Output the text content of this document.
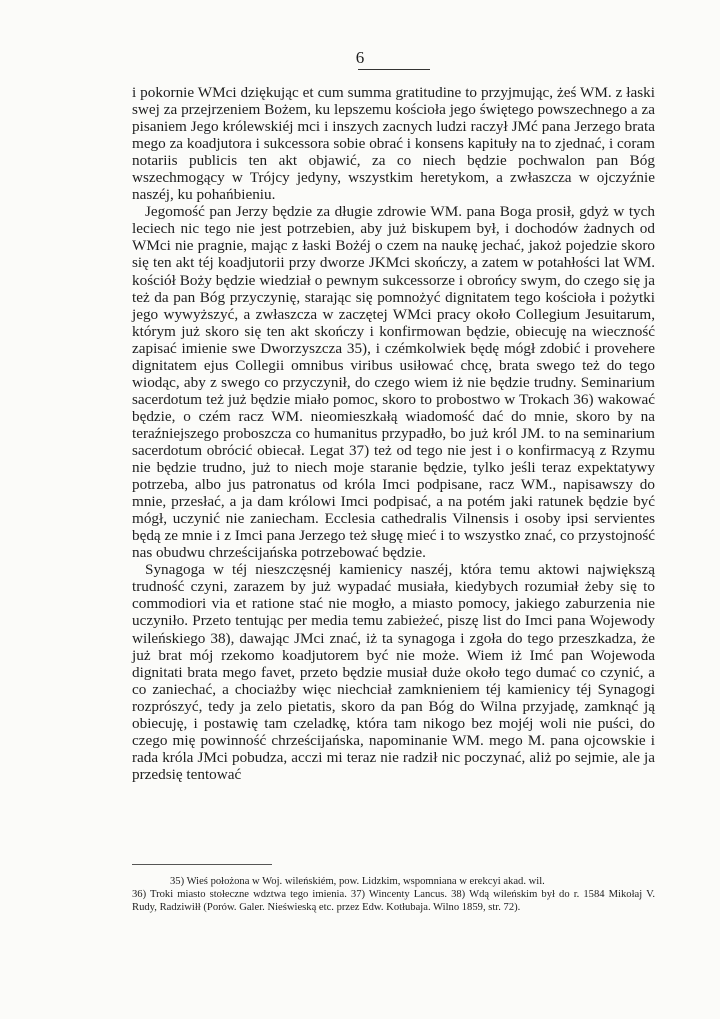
6

i pokornie WMci dziękując et cum summa gratitudine to przyjmując, żeś WM. z łaski swej za przejrzeniem Bożem, ku lepszemu kościoła jego świętego powszechnego a za pisaniem Jego królewskiéj mci i inszych zacnych ludzi raczył JMć pana Jerzego brata mego za koadjutora i sukcessora sobie obrać i konsens kapituły na to zjednać, i coram notariis publicis ten akt objawić, za co niech będzie pochwalon pan Bóg wszechmogący w Trójcy jedyny, wszystkim heretykom, a zwłaszcza w ojczyźnie naszéj, ku pohańbieniu.

Jegomość pan Jerzy będzie za długie zdrowie WM. pana Boga prosił, gdyż w tych leciech nic tego nie jest potrzebien, aby już biskupem był, i dochodów żadnych od WMci nie pragnie, mając z łaski Bożéj o czem na naukę jechać, jakoż pojedzie skoro się ten akt téj koadjutorii przy dworze JKMci skończy, a zatem w potahłości lat WM. kościół Boży będzie wiedział o pewnym sukcessorze i obrońcy swym, do czego się ja też da pan Bóg przyczynię, starając się pomnożyć dignitatem tego kościoła i pożytki jego wywyższyć, a zwłaszcza w zaczętej WMci pracy około Collegium Jesuitarum, którym już skoro się ten akt skończy i konfirmowan będzie, obiecuję na wieczność zapisać imienie swe Dworzyszcza 35), i czémkolwiek będę mógł zdobić i provehere dignitatem ejus Collegii omnibus viribus usiłować chcę, brata swego też do tego wiodąc, aby z swego co przyczynił, do czego wiem iż nie będzie trudny. Seminarium sacerdotum też już będzie miało pomoc, skoro to probostwo w Trokach 36) wakować będzie, o czém racz WM. nieomieszkałą wiadomość dać do mnie, skoro by na teraźniejszego proboszcza co humanitus przypadło, bo już król JM. to na seminarium sacerdotum obrócić obiecał. Legat 37) też od tego nie jest i o konfirmacyą z Rzymu nie będzie trudno, już to niech moje staranie będzie, tylko jeśli teraz expektatywy potrzeba, albo jus patronatus od króla Imci podpisane, racz WM., napisawszy do mnie, przesłać, a ja dam królowi Imci podpisać, a na potém jaki ratunek będzie być mógł, uczynić nie zaniecham. Ecclesia cathedralis Vilnensis i osoby ipsi servientes będą ze mnie i z Imci pana Jerzego też sługę mieć i to wszystko znać, co przystojność nas obudwu chrześcijańska potrzebować będzie.

Synagoga w téj nieszczęsnéj kamienicy naszéj, która temu aktowi największą trudność czyni, zarazem by już wypadać musiała, kiedybych rozumiał żeby się to commodiori via et ratione stać nie mogło, a miasto pomocy, jakiego zaburzenia nie uczyniło. Przeto tentując per media temu zabieżeć, piszę list do Imci pana Wojewody wileńskiego 38), dawając JMci znać, iż ta synagoga i zgoła do tego przeszkadza, że już brat mój rzekomo koadjutorem być nie może. Wiem iż Imć pan Wojewoda dignitati brata mego favet, przeto będzie musiał duże około tego dumać co czynić, a co zaniechać, a chociażby więc niechciał zamknieniem téj kamienicy téj Synagogi rozprószyć, tedy ja zelo pietatis, skoro da pan Bóg do Wilna przyjadę, zamknąć ją obiecuję, i postawię tam czeladkę, która tam nikogo bez mojéj woli nie puści, do czego mię powinność chrześcijańska, napominanie WM. mego M. pana ojcowskie i rada króla JMci pobudza, acczi mi teraz nie radził nic poczynać, aliż po sejmie, ale ja przedsię tentować

35) Wieś położona w Woj. wileńskiém, pow. Lidzkim, wspomniana w erekcyi akad. wil.

36) Troki miasto stołeczne wdztwa tego imienia. 37) Wincenty Lancus. 38) Wdą wileńskim był do r. 1584 Mikołaj V. Rudy, Radziwiłł (Porów. Galer. Nieświeską etc. przez Edw. Kotłubaja. Wilno 1859, str. 72).
